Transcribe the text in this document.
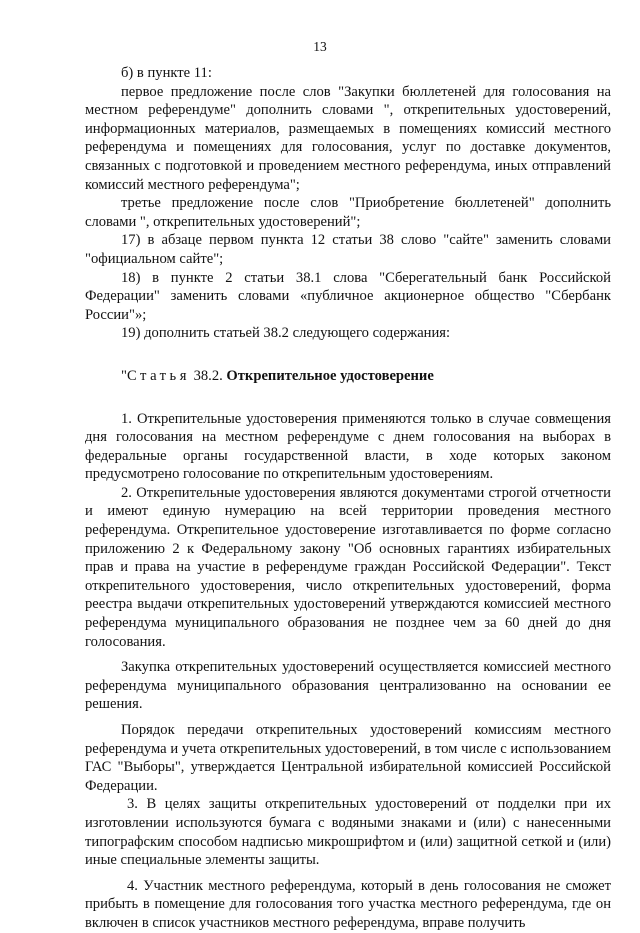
13

б) в пункте 11:

первое предложение после слов "Закупки бюллетеней для голосования на местном референдуме" дополнить словами ", открепительных удостоверений, информационных материалов, размещаемых в помещениях комиссий местного референдума и помещениях для голосования, услуг по доставке документов, связанных с подготовкой и проведением местного референдума, иных отправлений комиссий местного референдума";

третье предложение после слов "Приобретение бюллетеней" дополнить словами ", открепительных удостоверений";

17) в абзаце первом пункта 12 статьи 38 слово "сайте" заменить словами "официальном сайте";

18) в пункте 2 статьи 38.1 слова "Сберегательный банк Российской Федерации" заменить словами «публичное акционерное общество "Сбербанк России"»;

19) дополнить статьей 38.2 следующего содержания:

"Статья 38.2. Открепительное удостоверение

1. Открепительные удостоверения применяются только в случае совмещения дня голосования на местном референдуме с днем голосования на выборах в федеральные органы государственной власти, в ходе которых законом предусмотрено голосование по открепительным удостоверениям.

2. Открепительные удостоверения являются документами строгой отчетности и имеют единую нумерацию на всей территории проведения местного референдума. Открепительное удостоверение изготавливается по форме согласно приложению 2 к Федеральному закону "Об основных гарантиях избирательных прав и права на участие в референдуме граждан Российской Федерации". Текст открепительного удостоверения, число открепительных удостоверений, форма реестра выдачи открепительных удостоверений утверждаются комиссией местного референдума муниципального образования не позднее чем за 60 дней до дня голосования.

Закупка открепительных удостоверений осуществляется комиссией местного референдума муниципального образования централизованно на основании ее решения.

Порядок передачи открепительных удостоверений комиссиям местного референдума и учета открепительных удостоверений, в том числе с использованием ГАС "Выборы", утверждается Центральной избирательной комиссией Российской Федерации.

3. В целях защиты открепительных удостоверений от подделки при их изготовлении используются бумага с водяными знаками и (или) с нанесенными типографским способом надписью микрошрифтом и (или) защитной сеткой и (или) иные специальные элементы защиты.

4. Участник местного референдума, который в день голосования не сможет прибыть в помещение для голосования того участка местного референдума, где он включен в список участников местного референдума, вправе получить
